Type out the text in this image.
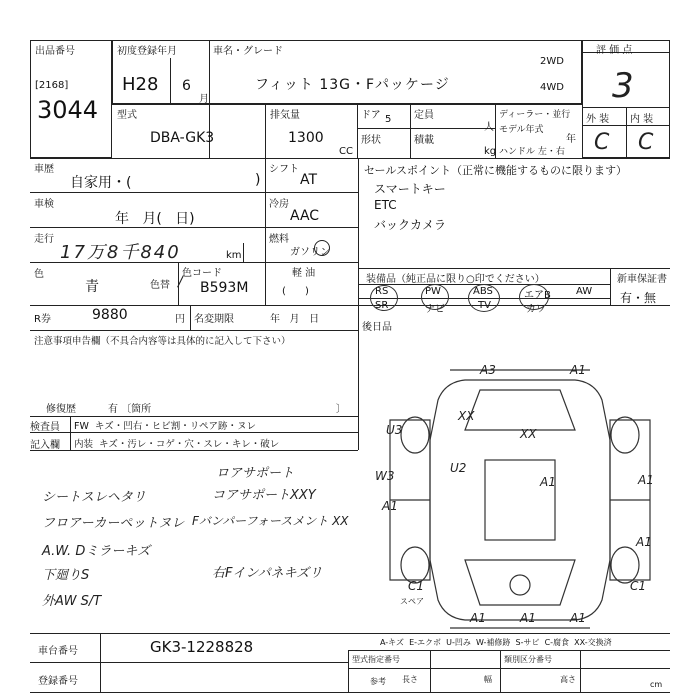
出品番号
[2168]
3044
初度登録年月
H28 6
月
車名・グレード
フィット 13G・Fパッケージ
2WD
4WD
評 価 点
3
外 装 内 装
C C
型式
DBA-GK3
排気量
1300
CC
ドア 5 定員
人
形状	積載
kg
ディーラー・並行
モデル年式
年
ハンドル 左・右
車歴
自家用・(	)
シフト
AT
車検
年   月(   日)
冷房
AAC
走行
17万8千840	km
燃料
ガソリン
軽 油
(      )
色
青	色替 /
色コード
B593M
R券	9880	円 名変期限	年   月   日
セールスポイント（正常に機能するものに限ります）
スマートキー
ETC
バックカメラ
装備品（純正品に限り○印でください）	新車保証書
有・無
RS	PW	ABS	エアB	AW
SR	ナビ	TV	カワ
後日品
注意事項申告欄（不具合内容等は具体的に記入して下さい）
修復歴	有 〔箇所	〕
検査員
記入欄
FW  キズ・凹右・ヒビ割・リペア跡・ヌレ
内装  キズ・汚レ・コゲ・穴・スレ・キレ・破レ
ロアサポート
コアサポートXXY
Fバンパーフォースメント XX
右Fインパネキズリ
シートスレヘタリ
フロアーカーペットヌレ
A.W. Dミラーキズ
下廻りS
外AW S/T
A3	A1
XX
XX
U2
A1
W3
A1
A1
A1
C1	C1
A1	A1	A1
U3
スペア
車台番号	GK3-1228828
登録番号
A-キズ  E-エクボ  U-凹み  W-補修跡  S-サビ  C-腐食  XX-交換済
型式指定番号	類別区分番号
参考 長さ	幅	高さ
cm
